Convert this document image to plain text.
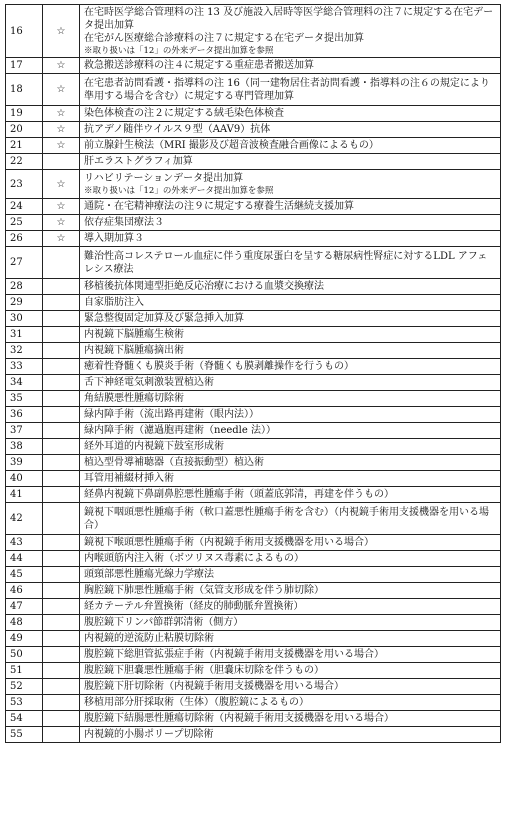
16	☆	在宅時医学総合管理料の注 13 及び施設入居時等医学総合管理料の注７に規定する在宅データ提出加算
在宅がん医療総合診療料の注７に規定する在宅データ提出加算
※取り扱いは「12」の外来データ提出加算を参照

17	☆	救急搬送診療料の注４に規定する重症患者搬送加算

18	☆	在宅患者訪問看護・指導料の注 16（同一建物居住者訪問看護・指導料の注６の規定により準用する場合を含む）に規定する専門管理加算

19	☆	染色体検査の注２に規定する絨毛染色体検査

20	☆	抗アデノ随伴ウイルス９型（AAV9）抗体

21	☆	前立腺針生検法（MRI 撮影及び超音波検査融合画像によるもの）

22		肝エラストグラフィ加算

23	☆	リハビリテーションデータ提出加算
※取り扱いは「12」の外来データ提出加算を参照

24	☆	通院・在宅精神療法の注９に規定する療養生活継続支援加算

25	☆	依存症集団療法３

26	☆	導入期加算３

27		難治性高コレステロール血症に伴う重度尿蛋白を呈する糖尿病性腎症に対するLDL アフェレシス療法

28		移植後抗体関連型拒絶反応治療における血漿交換療法

29		自家脂肪注入

30		緊急整復固定加算及び緊急挿入加算

31		内視鏡下脳腫瘍生検術

32		内視鏡下脳腫瘍摘出術

33		癒着性脊髄くも膜炎手術（脊髄くも膜剥離操作を行うもの）

34		舌下神経電気刺激装置植込術

35		角結膜悪性腫瘍切除術

36		緑内障手術（流出路再建術（眼内法））

37		緑内障手術（濾過胞再建術（needle 法））

38		経外耳道的内視鏡下鼓室形成術

39		植込型骨導補聴器（直接振動型）植込術

40		耳管用補綴材挿入術

41		経鼻内視鏡下鼻副鼻腔悪性腫瘍手術（頭蓋底郭清，再建を伴うもの）

42		鏡視下咽頭悪性腫瘍手術（軟口蓋悪性腫瘍手術を含む）（内視鏡手術用支援機器を用いる場合）

43		鏡視下喉頭悪性腫瘍手術（内視鏡手術用支援機器を用いる場合）

44		内喉頭筋内注入術（ボツリヌス毒素によるもの）

45		頭頸部悪性腫瘍光線力学療法

46		胸腔鏡下肺悪性腫瘍手術（気管支形成を伴う肺切除）

47		経カテーテル弁置換術（経皮的肺動脈弁置換術）

48		腹腔鏡下リンパ節群郭清術（側方）

49		内視鏡的逆流防止粘膜切除術

50		腹腔鏡下総胆管拡張症手術（内視鏡手術用支援機器を用いる場合）

51		腹腔鏡下胆嚢悪性腫瘍手術（胆嚢床切除を伴うもの）

52		腹腔鏡下肝切除術（内視鏡手術用支援機器を用いる場合）

53		移植用部分肝採取術（生体）（腹腔鏡によるもの）

54		腹腔鏡下結腸悪性腫瘍切除術（内視鏡手術用支援機器を用いる場合）

55		内視鏡的小腸ポリープ切除術
